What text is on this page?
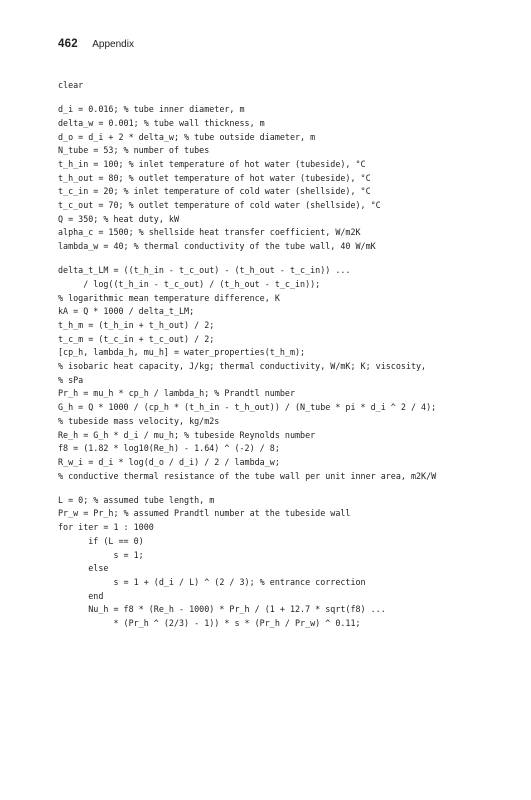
462 Appendix
clear
d_i = 0.016; % tube inner diameter, m
delta_w = 0.001; % tube wall thickness, m
d_o = d_i + 2 * delta_w; % tube outside diameter, m
N_tube = 53; % number of tubes
t_h_in = 100; % inlet temperature of hot water (tubeside), °C
t_h_out = 80; % outlet temperature of hot water (tubeside), °C
t_c_in = 20; % inlet temperature of cold water (shellside), °C
t_c_out = 70; % outlet temperature of cold water (shellside), °C
Q = 350; % heat duty, kW
alpha_c = 1500; % shellside heat transfer coefficient, W/m2K
lambda_w = 40; % thermal conductivity of the tube wall, 40 W/mK
delta_t_LM = ((t_h_in - t_c_out) - (t_h_out - t_c_in)) ...
/ log((t_h_in - t_c_out) / (t_h_out - t_c_in));
% logarithmic mean temperature difference, K
kA = Q * 1000 / delta_t_LM;
t_h_m = (t_h_in + t_h_out) / 2;
t_c_m = (t_c_in + t_c_out) / 2;
[cp_h, lambda_h, mu_h] = water_properties(t_h_m);
% isobaric heat capacity, J/kg; thermal conductivity, W/mK; K; viscosity,
% sPa
Pr_h = mu_h * cp_h / lambda_h; % Prandtl number
G_h = Q * 1000 / (cp_h * (t_h_in - t_h_out)) / (N_tube * pi * d_i ^ 2 / 4);
% tubeside mass velocity, kg/m2s
Re_h = G_h * d_i / mu_h; % tubeside Reynolds number
f8 = (1.82 * log10(Re_h) - 1.64) ^ (-2) / 8;
R_w_i = d_i * log(d_o / d_i) / 2 / lambda_w;
% conductive thermal resistance of the tube wall per unit inner area, m2K/W
L = 0; % assumed tube length, m
Pr_w = Pr_h; % assumed Prandtl number at the tubeside wall
for iter = 1 : 1000
if (L == 0)
s = 1;
else
s = 1 + (d_i / L) ^ (2 / 3); % entrance correction
end
Nu_h = f8 * (Re_h - 1000) * Pr_h / (1 + 12.7 * sqrt(f8) ...
* (Pr_h ^ (2/3) - 1)) * s * (Pr_h / Pr_w) ^ 0.11;
